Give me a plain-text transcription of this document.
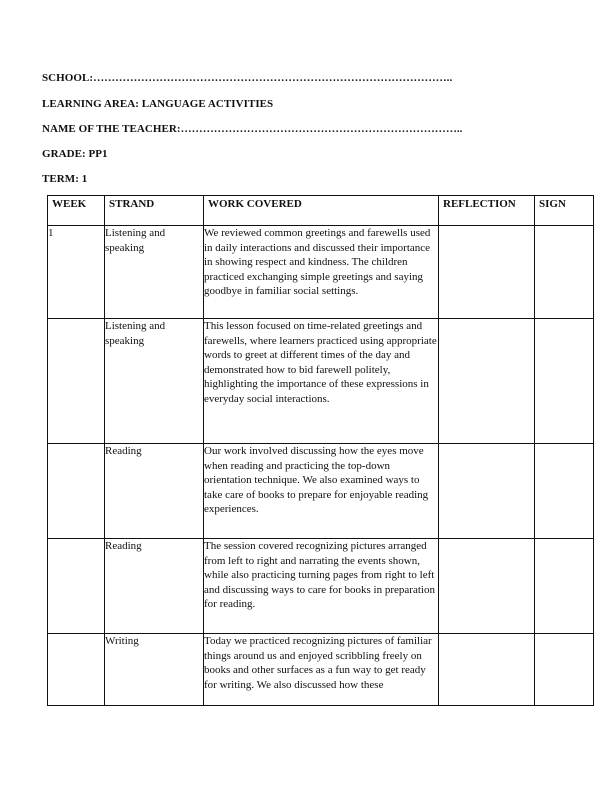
SCHOOL:……………………………………………………………………………………..
LEARNING AREA: LANGUAGE ACTIVITIES
NAME OF THE TEACHER:…………………………………………………………………..
GRADE: PP1
TERM: 1
WEEK	STRAND	WORK COVERED	REFLECTION	SIGN
1	Listening and speaking	We reviewed common greetings and farewells used in daily interactions and discussed their importance in showing respect and kindness. The children practiced exchanging simple greetings and saying goodbye in familiar social settings.		
	Listening and speaking	This lesson focused on time-related greetings and farewells, where learners practiced using appropriate words to greet at different times of the day and demonstrated how to bid farewell politely, highlighting the importance of these expressions in everyday social interactions.		
	Reading	Our work involved discussing how the eyes move when reading and practicing the top-down orientation technique. We also examined ways to take care of books to prepare for enjoyable reading experiences.		
	Reading	The session covered recognizing pictures arranged from left to right and narrating the events shown, while also practicing turning pages from right to left and discussing ways to care for books in preparation for reading.		
	Writing	Today we practiced recognizing pictures of familiar things around us and enjoyed scribbling freely on books and other surfaces as a fun way to get ready for writing. We also discussed how these		
